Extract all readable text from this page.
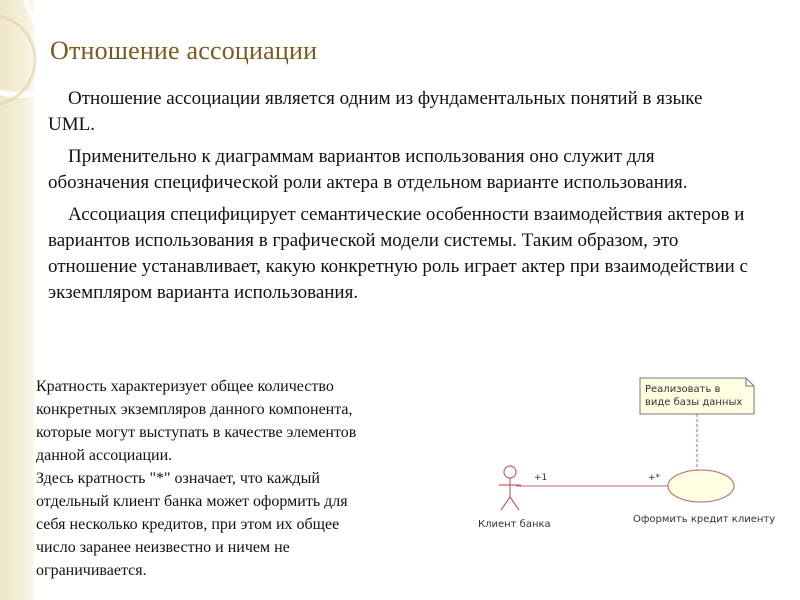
Отношение ассоциации

Отношение ассоциации является одним из фундаментальных понятий в языке UML.

Применительно к диаграммам вариантов использования оно служит для обозначения специфической роли актера в отдельном варианте использования.

Ассоциация специфицирует семантические особенности взаимодействия актеров и вариантов использования в графической модели системы. Таким образом, это отношение устанавливает, какую конкретную роль играет актер при взаимодействии с экземпляром варианта использования.

Кратность характеризует общее количество
конкретных экземпляров данного компонента,
которые могут выступать в качестве элементов
данной ассоциации.
Здесь кратность "*" означает, что каждый
отдельный клиент банка может оформить для
себя несколько кредитов, при этом их общее
число заранее неизвестно и ничем не
ограничивается.
Реализовать в
виде базы данных
Клиент банка
+1	+*
Оформить кредит клиенту
